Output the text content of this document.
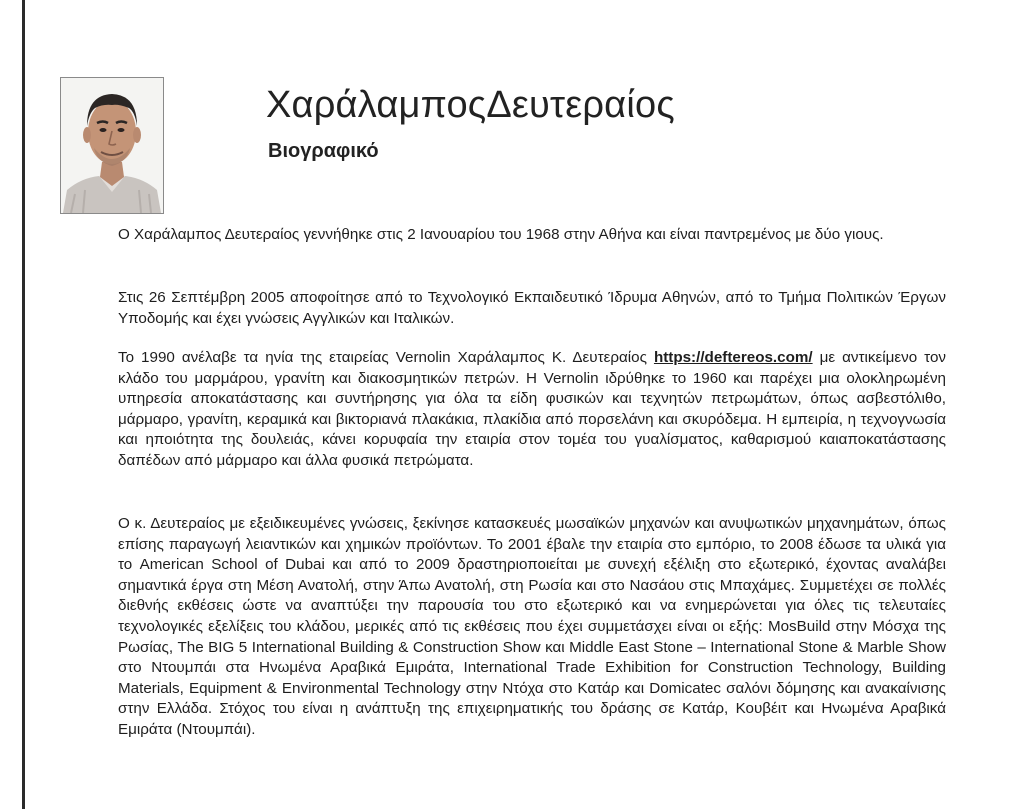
ΧαράλαμποςΔευτεραίος
Βιογραφικό

Ο Χαράλαμπος Δευτεραίος γεννήθηκε στις 2 Ιανουαρίου του 1968 στην Αθήνα και είναι παντρεμένος με δύο γιους.

Στις 26 Σεπτέμβρη 2005 αποφοίτησε από το Τεχνολογικό Εκπαιδευτικό Ίδρυμα Αθηνών, από το Τμήμα Πολιτικών Έργων Υποδομής και έχει γνώσεις Αγγλικών και Ιταλικών.

Το 1990 ανέλαβε τα ηνία της εταιρείας Vernolin Χαράλαμπος Κ. Δευτεραίος https://deftereos.com/ με αντικείμενο τον κλάδο του μαρμάρου, γρανίτη και διακοσμητικών πετρών. Η Vernolin ιδρύθηκε το 1960 και παρέχει μια ολοκληρωμένη υπηρεσία αποκατάστασης και συντήρησης για όλα τα είδη φυσικών και τεχνητών πετρωμάτων, όπως ασβεστόλιθο, μάρμαρο, γρανίτη, κεραμικά και βικτοριανά πλακάκια, πλακίδια από πορσελάνη και σκυρόδεμα. Η εμπειρία, η τεχνογνωσία και ηποιότητα της δουλειάς, κάνει κορυφαία την εταιρία στον τομέα του γυαλίσματος, καθαρισμού καιαποκατάστασης δαπέδων από μάρμαρο και άλλα φυσικά πετρώματα.

Ο κ. Δευτεραίος με εξειδικευμένες γνώσεις, ξεκίνησε κατασκευές μωσαϊκών μηχανών και ανυψωτικών μηχανημάτων, όπως επίσης παραγωγή λειαντικών και χημικών προϊόντων. Το 2001 έβαλε την εταιρία στο εμπόριο, το 2008 έδωσε τα υλικά για το American School of Dubai και από το 2009 δραστηριοποιείται με συνεχή εξέλιξη στο εξωτερικό, έχοντας αναλάβει σημαντικά έργα στη Μέση Ανατολή, στην Άπω Ανατολή, στη Ρωσία και στο Νασάου στις Μπαχάμες. Συμμετέχει σε πολλές διεθνής εκθέσεις ώστε να αναπτύξει την παρουσία του στο εξωτερικό και να ενημερώνεται για όλες τις τελευταίες τεχνολογικές εξελίξεις του κλάδου, μερικές από τις εκθέσεις που έχει συμμετάσχει είναι οι εξής: MosBuild στην Μόσχα της Ρωσίας, The BIG 5 International Building & Construction Show και Middle East Stone – International Stone & Marble Show στο Ντουμπάι στα Ηνωμένα Αραβικά Εμιράτα, International Trade Exhibition for Construction Technology, Building Materials, Equipment & Environmental Technology στην Ντόχα στο Κατάρ και Domicatec σαλόνι δόμησης και ανακαίνισης στην Ελλάδα. Στόχος του είναι η ανάπτυξη της επιχειρηματικής του δράσης σε Κατάρ, Κουβέιτ και Ηνωμένα Αραβικά Εμιράτα (Ντουμπάι).
